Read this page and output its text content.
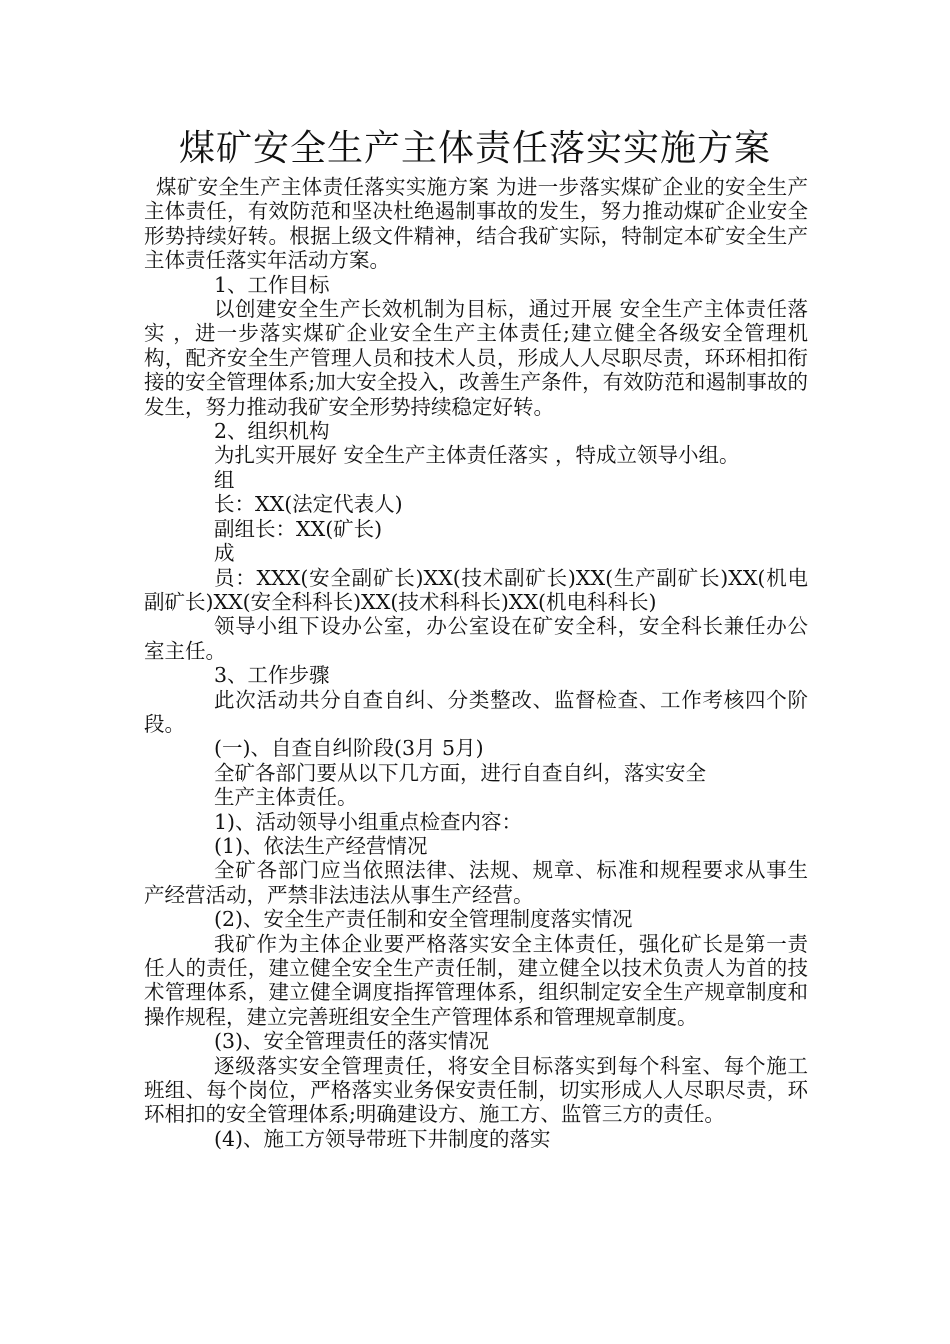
煤矿安全生产主体责任落实实施方案

煤矿安全生产主体责任落实实施方案 为进一步落实煤矿企业的安全生产主体责任，有效防范和坚决杜绝遏制事故的发生，努力推动煤矿企业安全形势持续好转。根据上级文件精神，结合我矿实际，特制定本矿安全生产主体责任落实年活动方案。

1、工作目标

以创建安全生产长效机制为目标，通过开展 安全生产主体责任落实 ，进一步落实煤矿企业安全生产主体责任;建立健全各级安全管理机构，配齐安全生产管理人员和技术人员，形成人人尽职尽责，环环相扣衔接的安全管理体系;加大安全投入，改善生产条件，有效防范和遏制事故的发生，努力推动我矿安全形势持续稳定好转。

2、组织机构

为扎实开展好 安全生产主体责任落实 ，特成立领导小组。

组

长：XX(法定代表人)

副组长：XX(矿长)

成

员：XXX(安全副矿长)XX(技术副矿长)XX(生产副矿长)XX(机电副矿长)XX(安全科科长)XX(技术科科长)XX(机电科科长)

领导小组下设办公室，办公室设在矿安全科，安全科长兼任办公室主任。

3、工作步骤

此次活动共分自查自纠、分类整改、监督检查、工作考核四个阶段。

(一)、自查自纠阶段(3月 5月)

全矿各部门要从以下几方面，进行自查自纠，落实安全

生产主体责任。

1)、活动领导小组重点检查内容：

(1)、依法生产经营情况

全矿各部门应当依照法律、法规、规章、标准和规程要求从事生产经营活动，严禁非法违法从事生产经营。

(2)、安全生产责任制和安全管理制度落实情况

我矿作为主体企业要严格落实安全主体责任，强化矿长是第一责任人的责任，建立健全安全生产责任制，建立健全以技术负责人为首的技术管理体系，建立健全调度指挥管理体系，组织制定安全生产规章制度和操作规程，建立完善班组安全生产管理体系和管理规章制度。

(3)、安全管理责任的落实情况

逐级落实安全管理责任，将安全目标落实到每个科室、每个施工班组、每个岗位，严格落实业务保安责任制，切实形成人人尽职尽责，环环相扣的安全管理体系;明确建设方、施工方、监管三方的责任。

(4)、施工方领导带班下井制度的落实
